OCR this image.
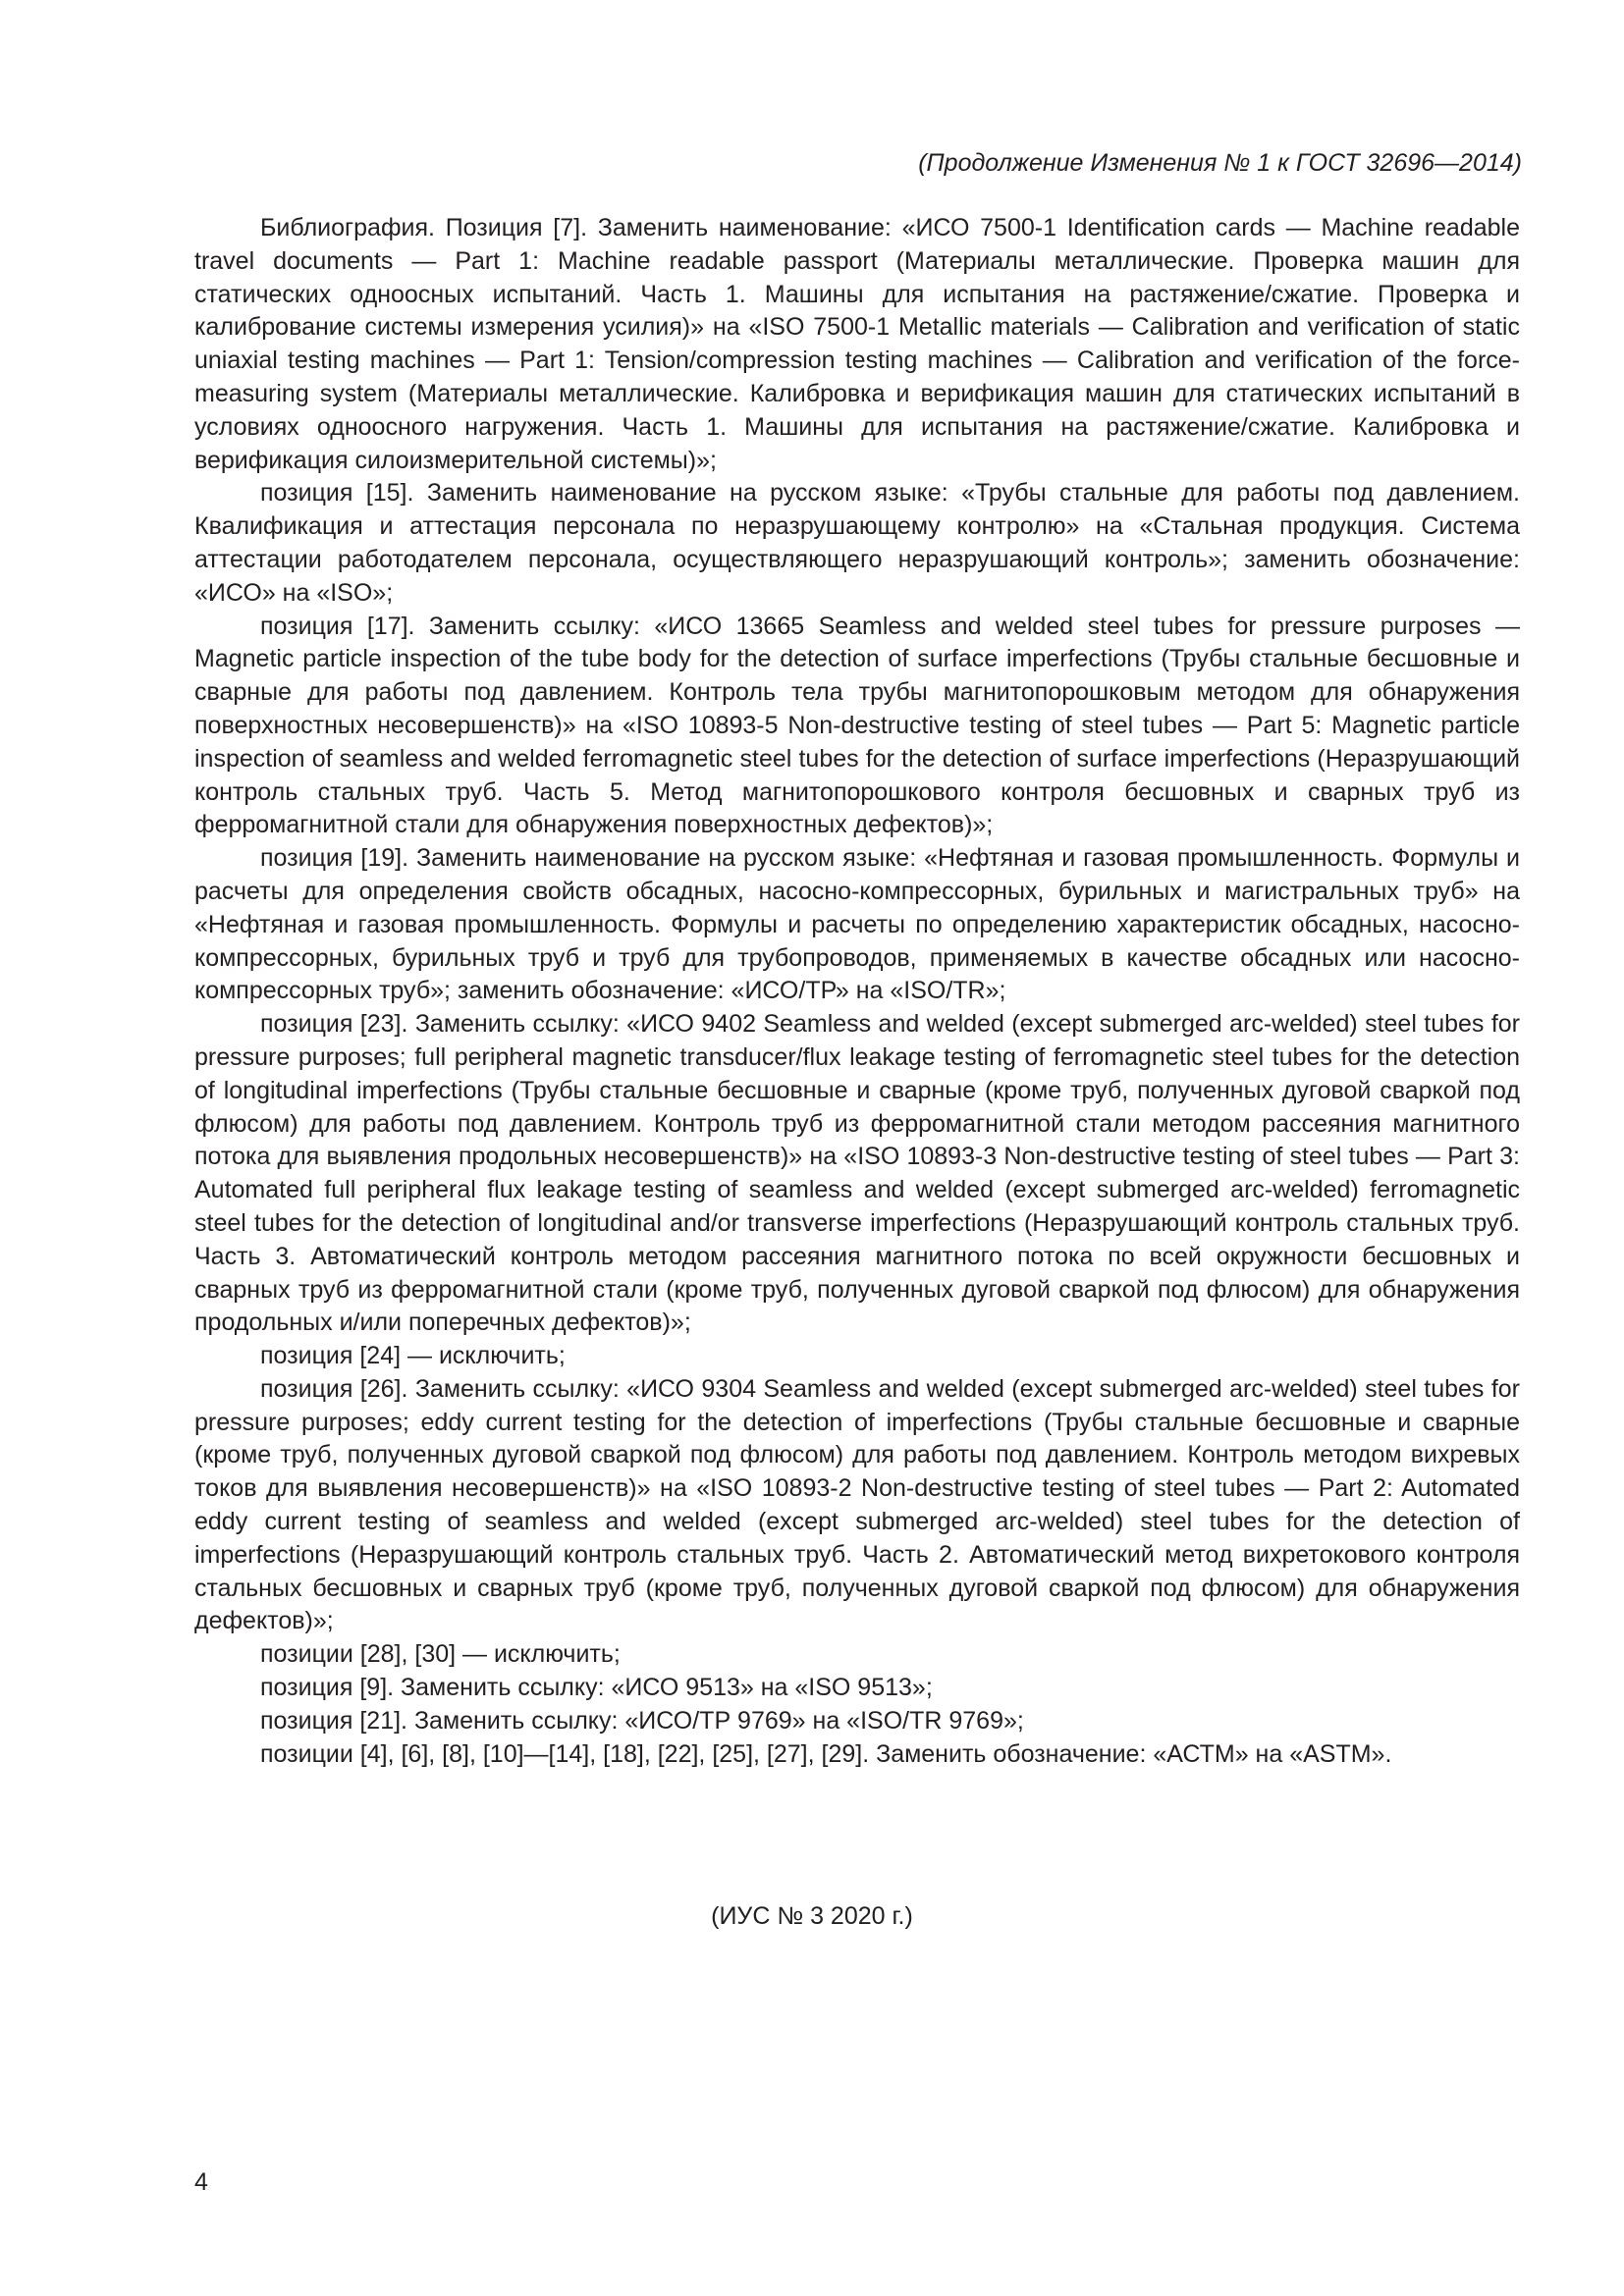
(Продолжение Изменения № 1 к ГОСТ 32696—2014)

Библиография. Позиция [7]. Заменить наименование: «ИСО 7500-1 Identification cards — Machine readable travel documents — Part 1: Machine readable passport (Материалы металлические. Проверка машин для статических одноосных испытаний. Часть 1. Машины для испытания на растяжение/сжатие. Проверка и калибрование системы измерения усилия)» на «ISO 7500-1 Metallic materials — Calibration and verification of static uniaxial testing machines — Part 1: Tension/compression testing machines — Calibration and verification of the force-measuring system (Материалы металлические. Калибровка и верификация машин для статических испытаний в условиях одноосного нагружения. Часть 1. Машины для испытания на растяжение/сжатие. Калибровка и верификация силоизмерительной системы)»;

позиция [15]. Заменить наименование на русском языке: «Трубы стальные для работы под давлением. Квалификация и аттестация персонала по неразрушающему контролю» на «Стальная продукция. Система аттестации работодателем персонала, осуществляющего неразрушающий контроль»; заменить обозначение: «ИСО» на «ISO»;

позиция [17]. Заменить ссылку: «ИСО 13665 Seamless and welded steel tubes for pressure purposes — Magnetic particle inspection of the tube body for the detection of surface imperfections (Трубы стальные бесшовные и сварные для работы под давлением. Контроль тела трубы магнитопорошковым методом для обнаружения поверхностных несовершенств)» на «ISO 10893-5 Non-destructive testing of steel tubes — Part 5: Magnetic particle inspection of seamless and welded ferromagnetic steel tubes for the detection of surface imperfections (Неразрушающий контроль стальных труб. Часть 5. Метод магнитопорошкового контроля бесшовных и сварных труб из ферромагнитной стали для обнаружения поверхностных дефектов)»;

позиция [19]. Заменить наименование на русском языке: «Нефтяная и газовая промышленность. Формулы и расчеты для определения свойств обсадных, насосно-компрессорных, бурильных и магистральных труб» на «Нефтяная и газовая промышленность. Формулы и расчеты по определению характеристик обсадных, насосно-компрессорных, бурильных труб и труб для трубопроводов, применяемых в качестве обсадных или насосно-компрессорных труб»; заменить обозначение: «ИСО/ТР» на «ISO/TR»;

позиция [23]. Заменить ссылку: «ИСО 9402 Seamless and welded (except submerged arc-welded) steel tubes for pressure purposes; full peripheral magnetic transducer/flux leakage testing of ferromagnetic steel tubes for the detection of longitudinal imperfections (Трубы стальные бесшовные и сварные (кроме труб, полученных дуговой сваркой под флюсом) для работы под давлением. Контроль труб из ферромагнитной стали методом рассеяния магнитного потока для выявления продольных несовершенств)» на «ISO 10893-3 Non-destructive testing of steel tubes — Part 3: Automated full peripheral flux leakage testing of seamless and welded (except submerged arc-welded) ferromagnetic steel tubes for the detection of longitudinal and/or transverse imperfections (Неразрушающий контроль стальных труб. Часть 3. Автоматический контроль методом рассеяния магнитного потока по всей окружности бесшовных и сварных труб из ферромагнитной стали (кроме труб, полученных дуговой сваркой под флюсом) для обнаружения продольных и/или поперечных дефектов)»;

позиция [24] — исключить;

позиция [26]. Заменить ссылку: «ИСО 9304 Seamless and welded (except submerged arc-welded) steel tubes for pressure purposes; eddy current testing for the detection of imperfections (Трубы стальные бесшовные и сварные (кроме труб, полученных дуговой сваркой под флюсом) для работы под давлением. Контроль методом вихревых токов для выявления несовершенств)» на «ISO 10893-2 Non-destructive testing of steel tubes — Part 2: Automated eddy current testing of seamless and welded (except submerged arc-welded) steel tubes for the detection of imperfections (Неразрушающий контроль стальных труб. Часть 2. Автоматический метод вихретокового контроля стальных бесшовных и сварных труб (кроме труб, полученных дуговой сваркой под флюсом) для обнаружения дефектов)»;

позиции [28], [30] — исключить;

позиция [9]. Заменить ссылку: «ИСО 9513» на «ISO 9513»;

позиция [21]. Заменить ссылку: «ИСО/ТР 9769» на «ISO/TR 9769»;

позиции [4], [6], [8], [10]—[14], [18], [22], [25], [27], [29]. Заменить обозначение: «АСТМ» на «ASTM».

(ИУС № 3 2020 г.)
4
